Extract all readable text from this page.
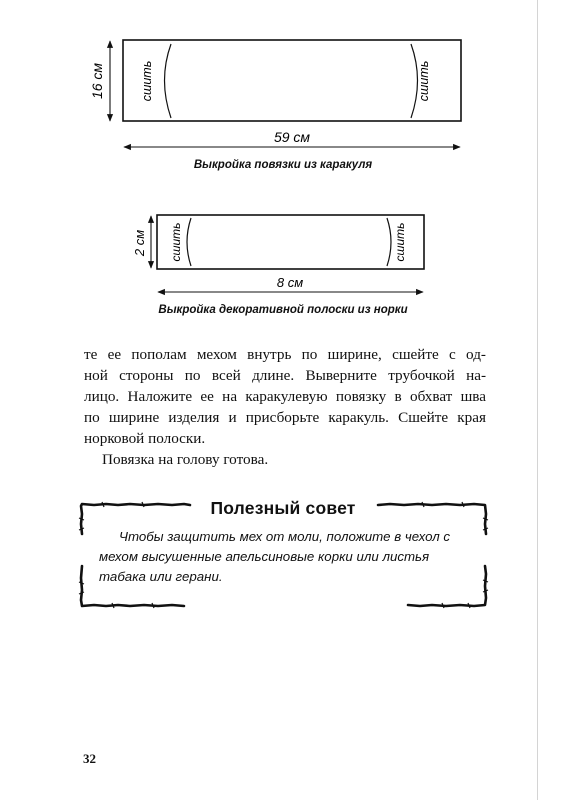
16 см
59 см
сшить	сшить
2 см
8 см
сшить	сшить

Выкройка повязки из каракуля

Выкройка декоративной полоски из норки

те ее пополам мехом внутрь по ширине, сшейте с од-
ной стороны по всей длине. Выверните трубочкой на-
лицо. Наложите ее на каракулевую повязку в обхват шва
по ширине изделия и присборьте каракуль. Сшейте края
норковой полоски.

Повязка на голову готова.

Полезный совет

Чтобы защитить мех от моли, положите в чехол с
мехом высушенные апельсиновые корки или листья
табака или герани.

32
